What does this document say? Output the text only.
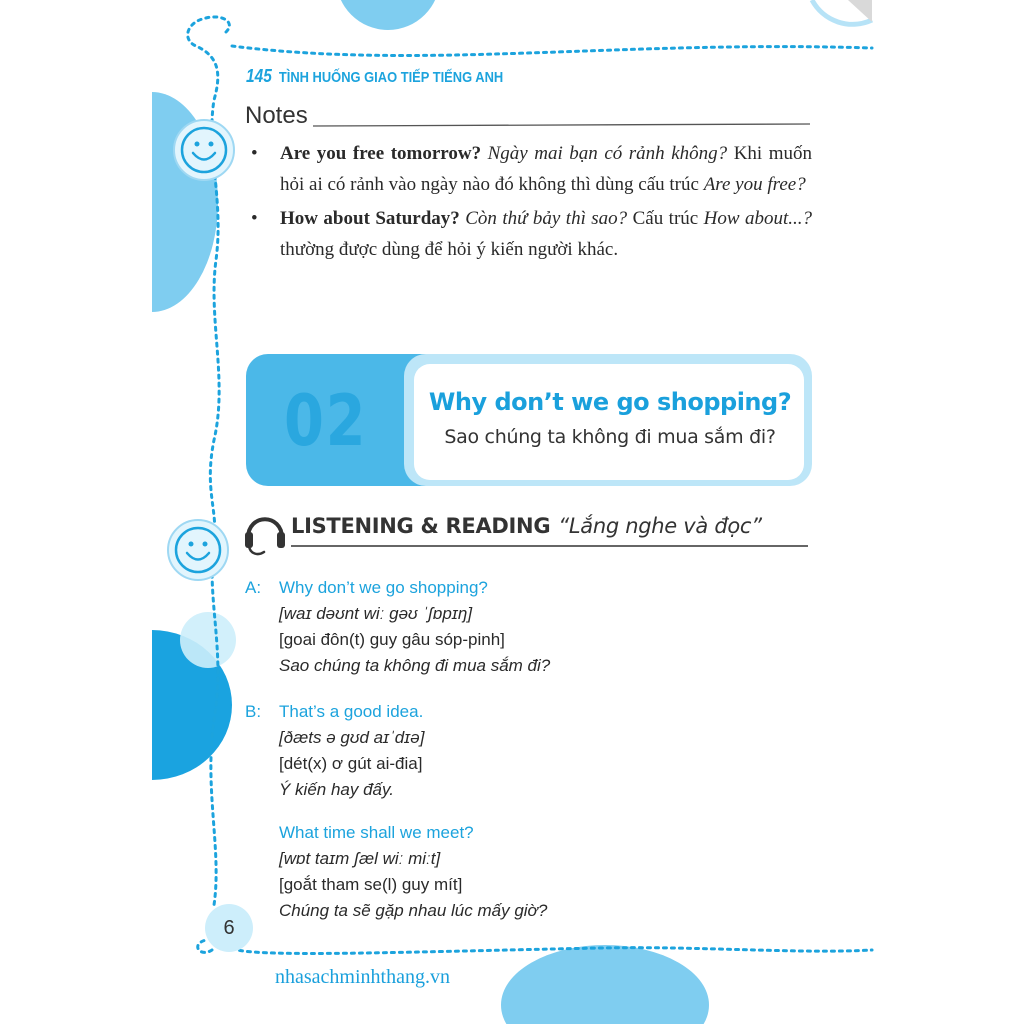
145 TÌNH HUỐNG GIAO TIẾP TIẾNG ANH
Notes
• Are you free tomorrow? Ngày mai bạn có rảnh không? Khi muốn hỏi ai có rảnh vào ngày nào đó không thì dùng cấu trúc Are you free?
• How about Saturday? Còn thứ bảy thì sao? Cấu trúc How about...? thường được dùng để hỏi ý kiến người khác.
02	Why don’t we go shopping?
Sao chúng ta không đi mua sắm đi?
LISTENING & READING “Lắng nghe và đọc”
A: Why don’t we go shopping?
[waɪ dəʊnt wiː ɡəʊ ˈʃɒpɪŋ]
[goai đôn(t) guy gâu sóp-pinh]
Sao chúng ta không đi mua sắm đi?
B: That’s a good idea.
[ðæts ə ɡʊd aɪˈdɪə]
[dét(x) ơ gút ai-đia]
Ý kiến hay đấy.
What time shall we meet?
[wɒt taɪm ʃæl wiː miːt]
[goắt tham se(l) guy mít]
Chúng ta sẽ gặp nhau lúc mấy giờ?
6
nhasachminhthang.vn
